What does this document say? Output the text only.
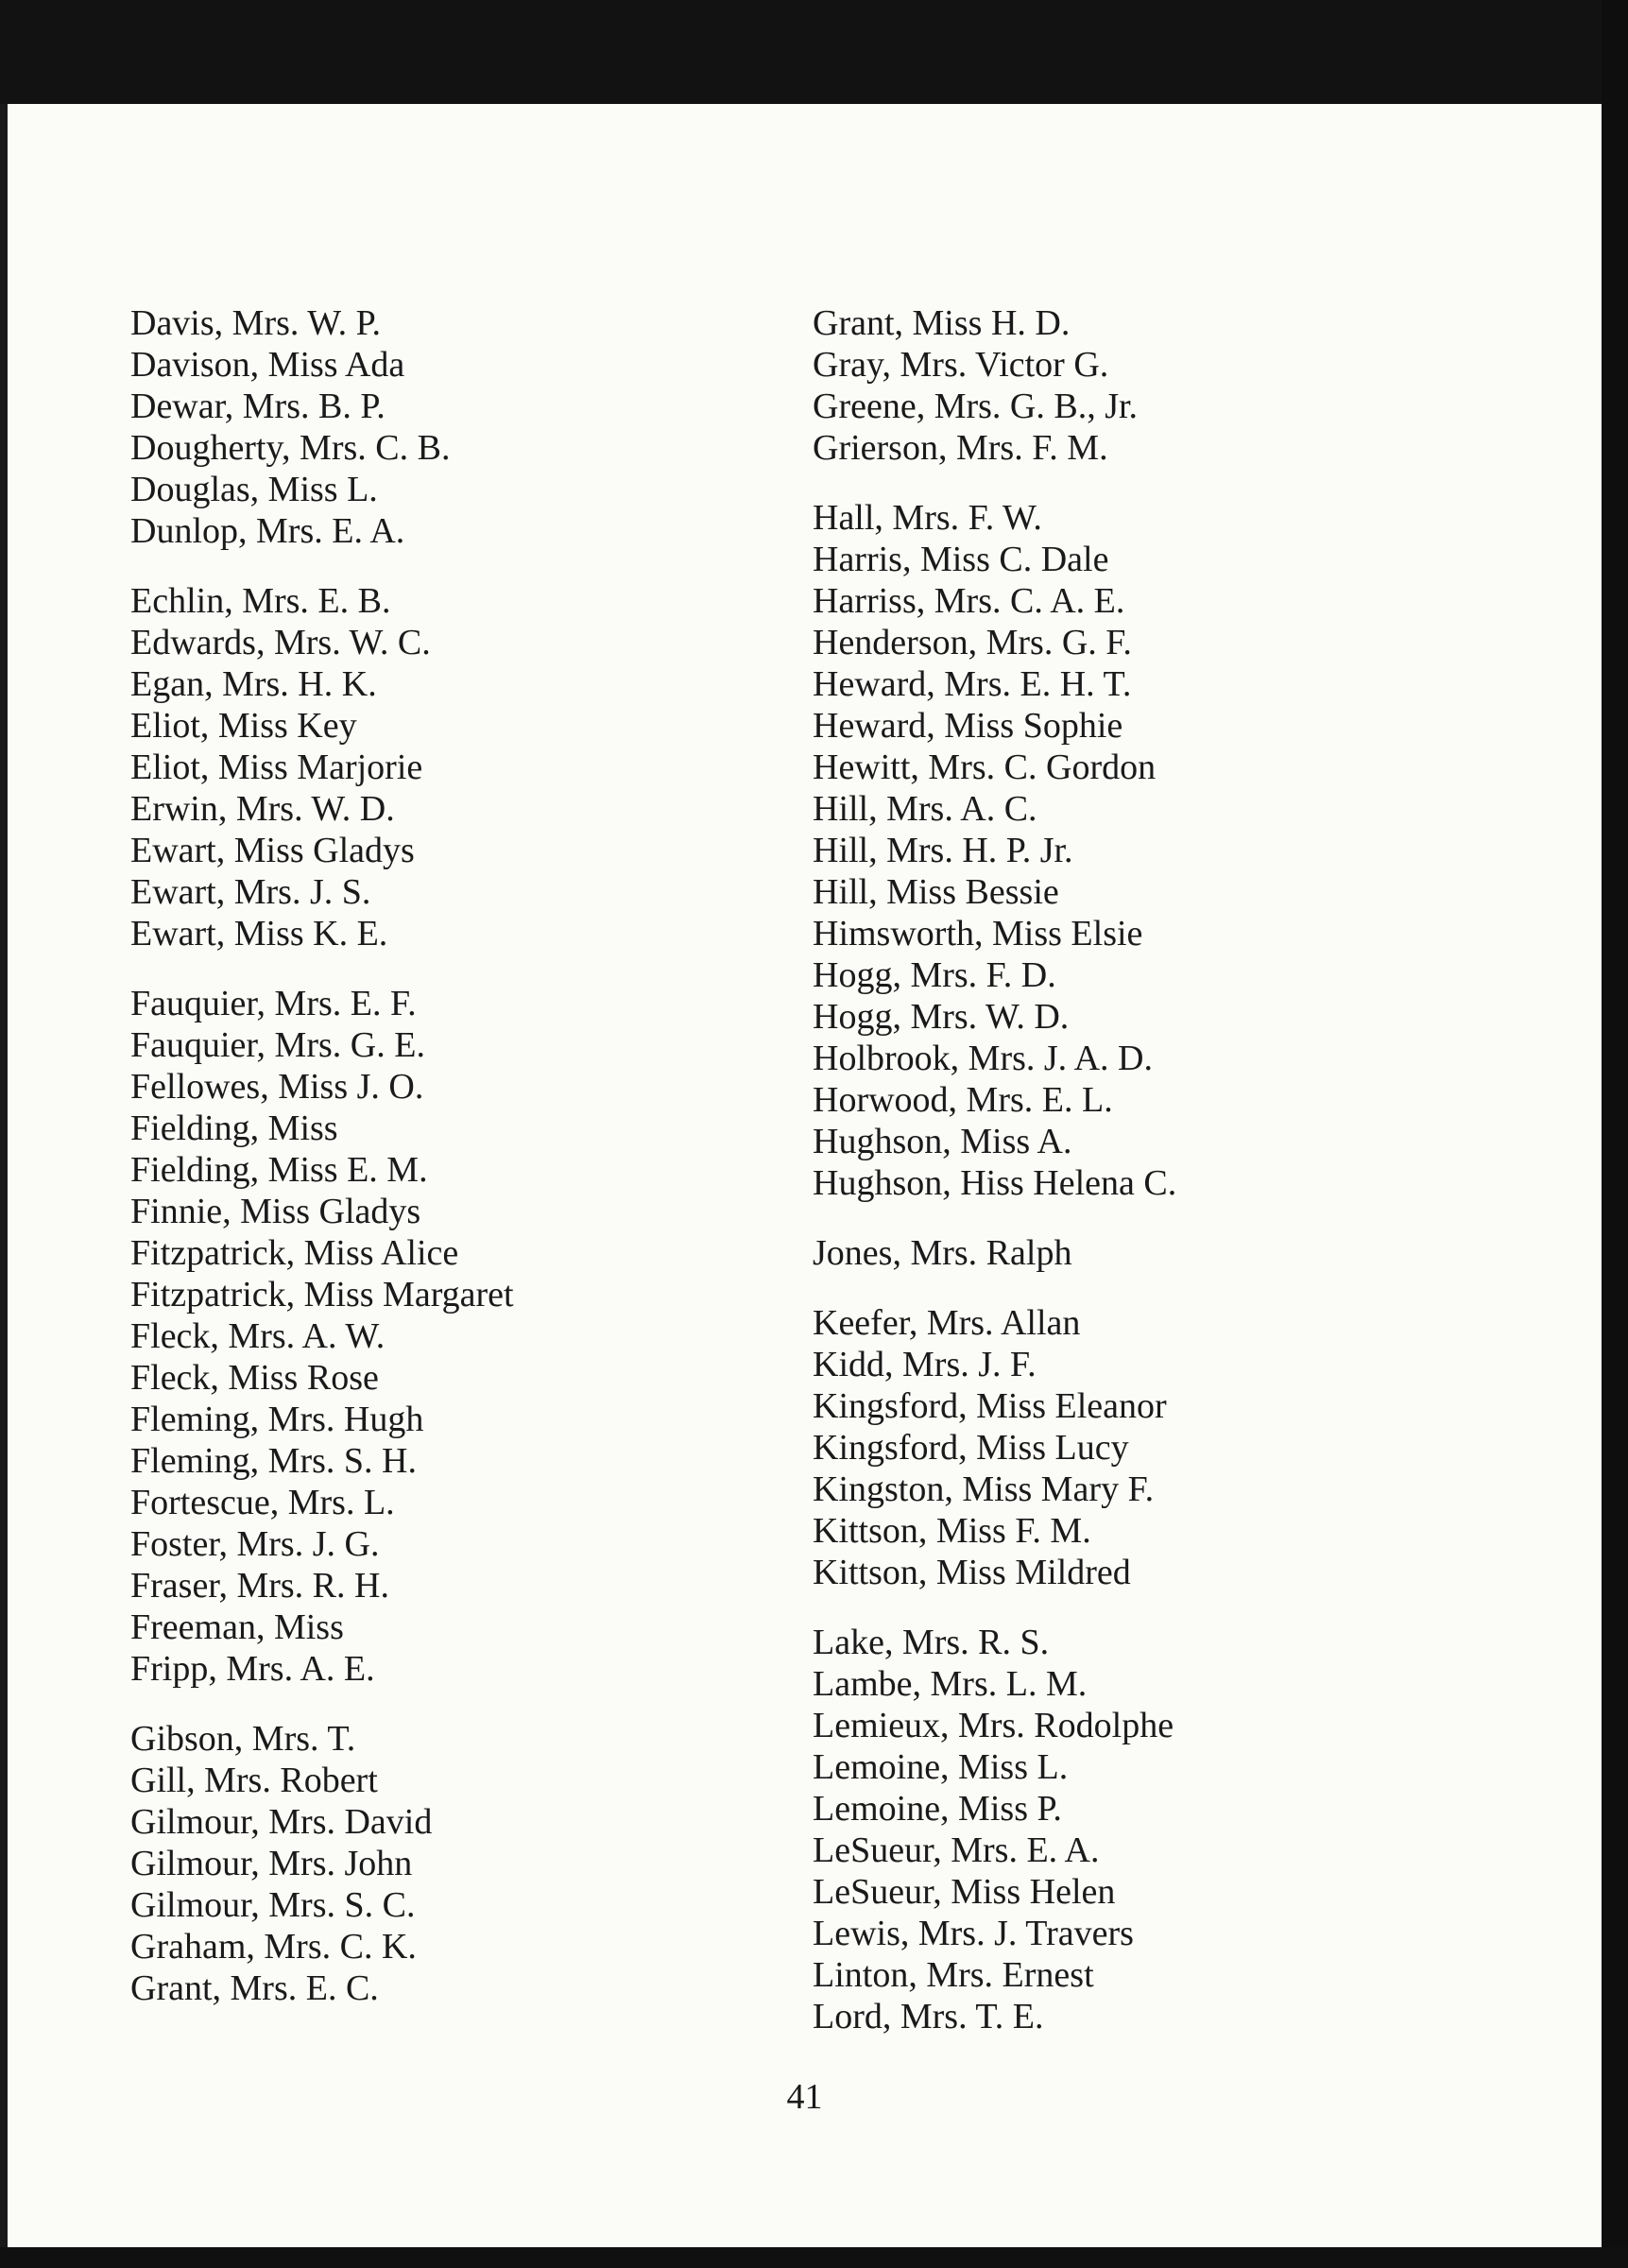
Davis, Mrs. W. P.
Davison, Miss Ada
Dewar, Mrs. B. P.
Dougherty, Mrs. C. B.
Douglas, Miss L.
Dunlop, Mrs. E. A.
Echlin, Mrs. E. B.
Edwards, Mrs. W. C.
Egan, Mrs. H. K.
Eliot, Miss Key
Eliot, Miss Marjorie
Erwin, Mrs. W. D.
Ewart, Miss Gladys
Ewart, Mrs. J. S.
Ewart, Miss K. E.
Fauquier, Mrs. E. F.
Fauquier, Mrs. G. E.
Fellowes, Miss J. O.
Fielding, Miss
Fielding, Miss E. M.
Finnie, Miss Gladys
Fitzpatrick, Miss Alice
Fitzpatrick, Miss Margaret
Fleck, Mrs. A. W.
Fleck, Miss Rose
Fleming, Mrs. Hugh
Fleming, Mrs. S. H.
Fortescue, Mrs. L.
Foster, Mrs. J. G.
Fraser, Mrs. R. H.
Freeman, Miss
Fripp, Mrs. A. E.
Gibson, Mrs. T.
Gill, Mrs. Robert
Gilmour, Mrs. David
Gilmour, Mrs. John
Gilmour, Mrs. S. C.
Graham, Mrs. C. K.
Grant, Mrs. E. C.
Grant, Miss H. D.
Gray, Mrs. Victor G.
Greene, Mrs. G. B., Jr.
Grierson, Mrs. F. M.
Hall, Mrs. F. W.
Harris, Miss C. Dale
Harriss, Mrs. C. A. E.
Henderson, Mrs. G. F.
Heward, Mrs. E. H. T.
Heward, Miss Sophie
Hewitt, Mrs. C. Gordon
Hill, Mrs. A. C.
Hill, Mrs. H. P. Jr.
Hill, Miss Bessie
Himsworth, Miss Elsie
Hogg, Mrs. F. D.
Hogg, Mrs. W. D.
Holbrook, Mrs. J. A. D.
Horwood, Mrs. E. L.
Hughson, Miss A.
Hughson, Hiss Helena C.
Jones, Mrs. Ralph
Keefer, Mrs. Allan
Kidd, Mrs. J. F.
Kingsford, Miss Eleanor
Kingsford, Miss Lucy
Kingston, Miss Mary F.
Kittson, Miss F. M.
Kittson, Miss Mildred
Lake, Mrs. R. S.
Lambe, Mrs. L. M.
Lemieux, Mrs. Rodolphe
Lemoine, Miss L.
Lemoine, Miss P.
LeSueur, Mrs. E. A.
LeSueur, Miss Helen
Lewis, Mrs. J. Travers
Linton, Mrs. Ernest
Lord, Mrs. T. E.
41
